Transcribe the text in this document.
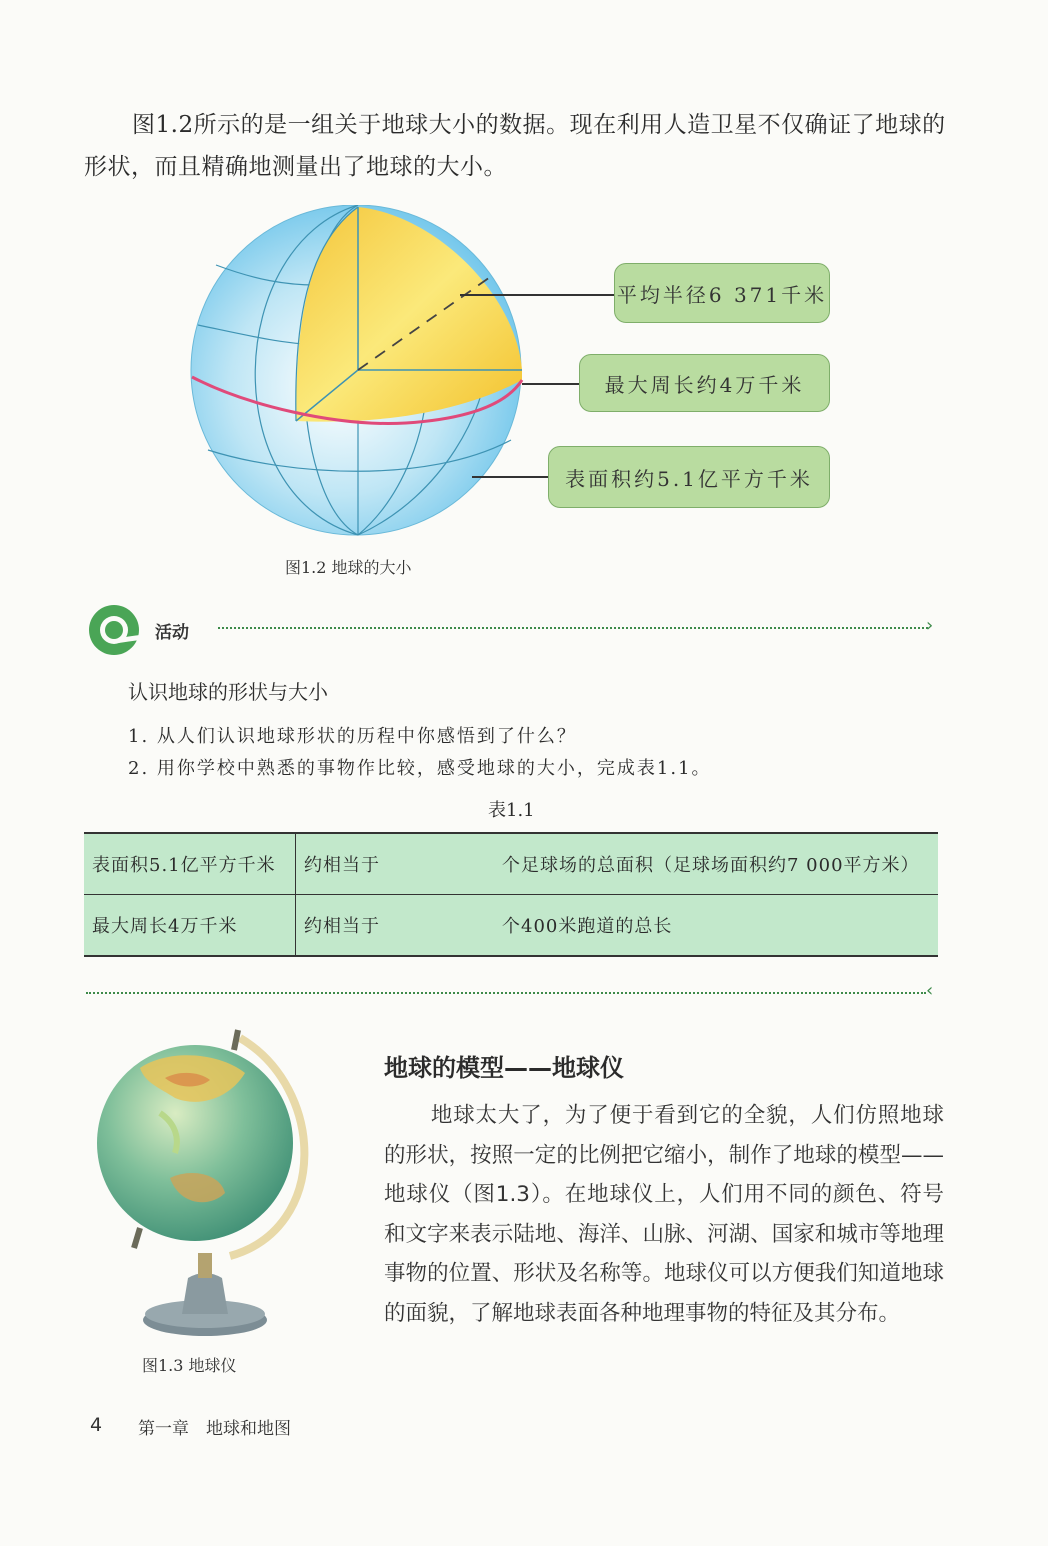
图1.2所示的是一组关于地球大小的数据。现在利用人造卫星不仅确证了地球的形状，而且精确地测量出了地球的大小。
平均半径6 371千米
最大周长约4万千米
表面积约5.1亿平方千米
图1.2 地球的大小
活动	›
认识地球的形状与大小
1. 从人们认识地球形状的历程中你感悟到了什么？
2. 用你学校中熟悉的事物作比较，感受地球的大小，完成表1.1。
表1.1
表面积5.1亿平方千米	约相当于	个足球场的总面积（足球场面积约7 000平方米）
最大周长4万千米	约相当于	个400米跑道的总长
‹
图1.3 地球仪
地球的模型——地球仪
地球太大了，为了便于看到它的全貌，人们仿照地球的形状，按照一定的比例把它缩小，制作了地球的模型——地球仪（图1.3）。在地球仪上，人们用不同的颜色、符号和文字来表示陆地、海洋、山脉、河湖、国家和城市等地理事物的位置、形状及名称等。地球仪可以方便我们知道地球的面貌，了解地球表面各种地理事物的特征及其分布。
4 第一章　地球和地图
